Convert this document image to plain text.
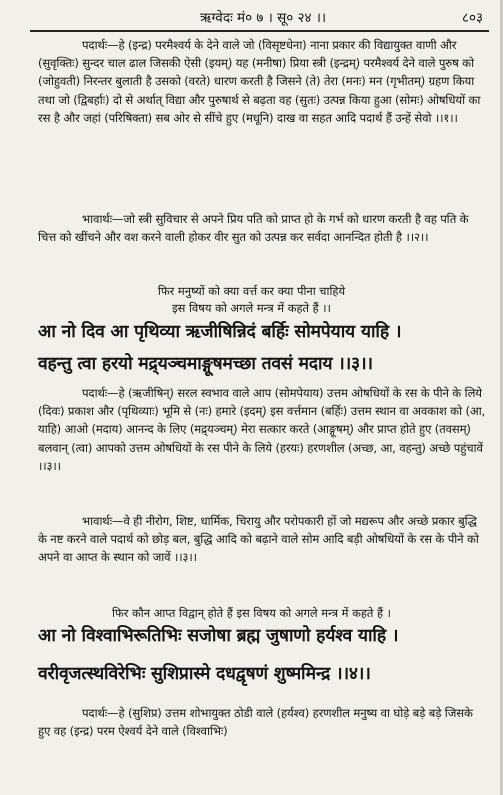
ऋग्वेदः मं० ७ । सू० २४ ।।	८०३
पदार्थः—हे (इन्द्र) परमैश्वर्य के देने वाले जो (विसृष्टधेना) नाना प्रकार की विद्यायुक्त वाणी और (सुवृक्तिः) सुन्दर चाल ढाल जिसकी ऐसी (इयम्) यह (मनीषा) प्रिया स्त्री (इन्द्रम्) परमैश्वर्य देने वाले पुरुष को (जोहुवती) निरन्तर बुलाती है उसको (वरते) धारण करती है जिसने (ते) तेरा (मनः) मन (गृभीतम्) ग्रहण किया तथा जो (द्विबर्हाः) दो से अर्थात् विद्या और पुरुषार्थ से बढ़ता वह (सुतः) उत्पन्न किया हुआ (सोमः) ओषधियों का रस है और जहां (परिषिक्ता) सब ओर से सींचे हुए (मधूनि) दाख वा सहत आदि पदार्थ हैं उन्हें सेवो ।।१।।
भावार्थः—जो स्त्री सुविचार से अपने प्रिय पति को प्राप्त हो के गर्भ को धारण करती है वह पति के चित्त को खींचने और वश करने वाली होकर वीर सुत को उत्पन्न कर सर्वदा आनन्दित होती है ।।२।।
फिर मनुष्यों को क्या वर्त्त कर क्या पीना चाहिये
इस विषय को अगले मन्त्र में कहते हैं ।।
आ नो दिव आ पृथिव्या ऋजीषिन्निदं बर्हिः सोमपेयाय याहि ।
वहन्तु त्वा हरयो मद्र्यञ्चमाङ्गूषमच्छा तवसं मदाय ।।३।।
पदार्थः—हे (ऋजीषिन्) सरल स्वभाव वाले आप (सोमपेयाय) उत्तम ओषधियों के रस के पीने के लिये (दिवः) प्रकाश और (पृथिव्याः) भूमि से (नः) हमारे (इदम्) इस वर्त्तमान (बर्हिः) उत्तम स्थान वा अवकाश को (आ, याहि) आओ (मदाय) आनन्द के लिए (मद्र्यञ्चम्) मेरा सत्कार करते (आङ्गूषम्) और प्राप्त होते हुए (तवसम्) बलवान् (त्वा) आपको उत्तम ओषधियों के रस पीने के लिये (हरयः) हरणशील (अच्छ, आ, वहन्तु) अच्छे पहुंचावें ।।३।।
भावार्थः—वे ही नीरोग, शिष्ट, धार्मिक, चिरायु और परोपकारी हों जो मद्यरूप और अच्छे प्रकार बुद्धि के नष्ट करने वाले पदार्थ को छोड़ बल, बुद्धि आदि को बढ़ाने वाले सोम आदि बड़ी ओषधियों के रस के पीने को अपने वा आप्त के स्थान को जावें ।।३।।
फिर कौन आप्त विद्वान् होते हैं इस विषय को अगले मन्त्र में कहते हैं ।
आ नो विश्वाभिरूतिभिः सजोषा ब्रह्म जुषाणो हर्यश्व याहि ।
वरीवृजत्स्थविरेभिः सुशिप्रास्मे दधद्वृषणं शुष्ममिन्द्र ।।४।।
पदार्थः—हे (सुशिप्र) उत्तम शोभायुक्त ठोडी वाले (हर्यश्व) हरणशील मनुष्य वा घोड़े बड़े बड़े जिसके हुए वह (इन्द्र) परम ऐश्वर्य देने वाले (विश्वाभिः)
